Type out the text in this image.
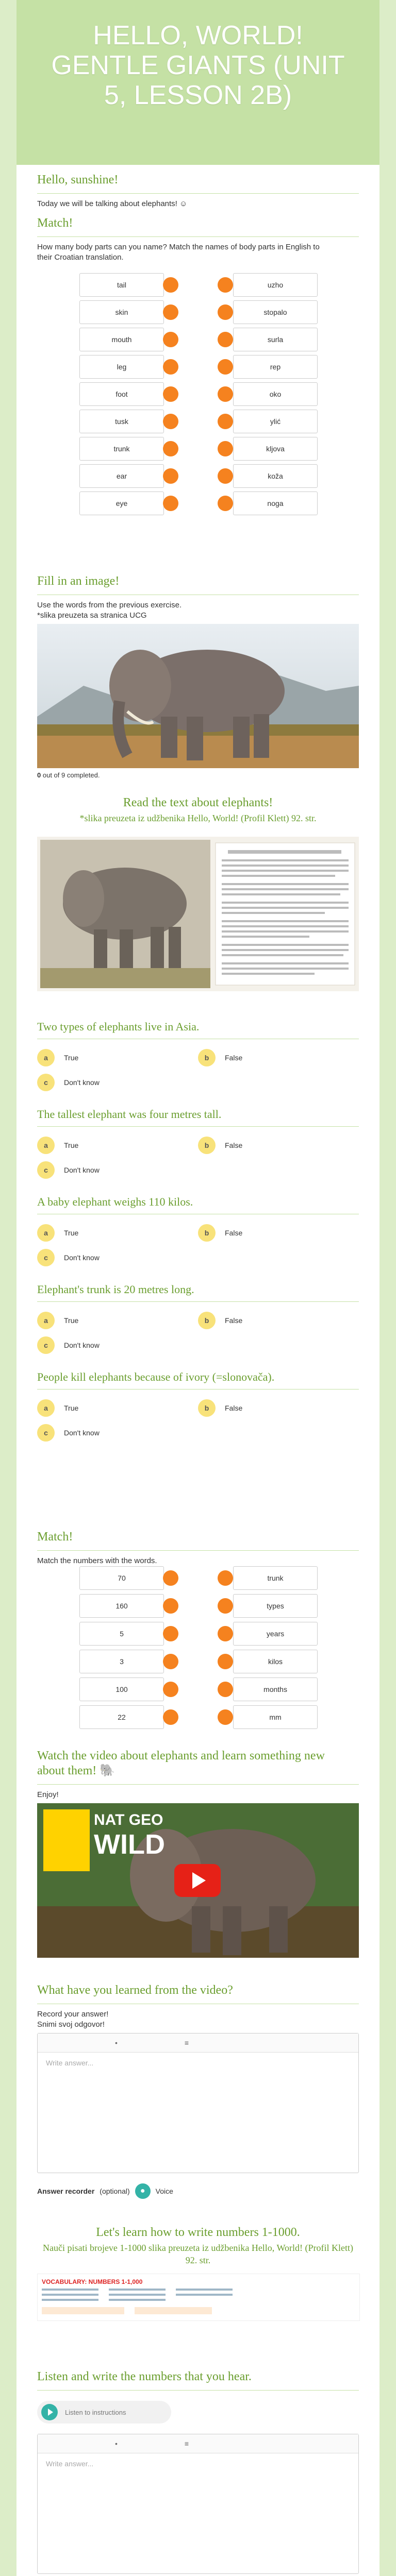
HELLO, WORLD! GENTLE GIANTS (UNIT 5, LESSON 2B)
Hello, sunshine!

Today we will be talking about elephants! ☺

Match!

How many body parts can you name? Match the names of body parts in English to their Croatian translation.

tail	uzho
skin	stopalo
mouth	surla
leg	rep
foot	oko
tusk	ylić
trunk	kljova
ear	koža
eye	noga
Fill in an image!

Use the words from the previous exercise.

*slika preuzeta sa stranica UCG

0 out of 9 completed.
Read the text about elephants!

*slika preuzeta iz udžbenika Hello, World! (Profil Klett) 92. str.

Two types of elephants live in Asia.
a	True	b	False
c	Don't know
The tallest elephant was four metres tall.
a	True	b	False
c	Don't know
A baby elephant weighs 110 kilos.
a	True	b	False
c	Don't know
Elephant's trunk is 20 metres long.
a	True	b	False
c	Don't know
People kill elephants because of ivory (=slonovača).
a	True	b	False
c	Don't know
Match!

Match the numbers with the words.

70	trunk
160	types
5	years
3	kilos
100	months
22	mm
Watch the video about elephants and learn something new about them! 🐘

Enjoy!

NAT GEO
WILD
What have you learned from the video?

Record your answer!

Snimi svoj odgovor!

•	≡
Write answer...
Answer recorder (optional)	●	Voice
Let's learn how to write numbers 1-1000.

Nauči pisati brojeve 1-1000 slika preuzeta iz udžbenika Hello, World! (Profil Klett) 92. str.

VOCABULARY: NUMBERS 1-1,000
Listen and write the numbers that you hear.
Listen to instructions
•	≡
Write answer...
